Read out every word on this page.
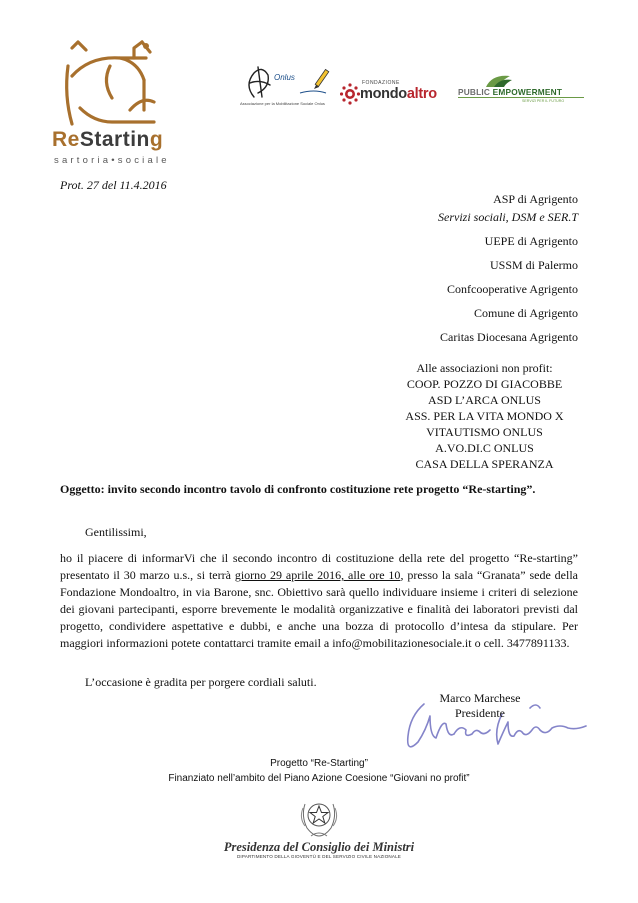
ReStarting
sartoria•sociale
Onlus
Associazione per la Mobilitazione Sociale Onlus
FONDAZIONE
mondoaltro	PUBLIC EMPOWERMENT
SERVIZI PER IL FUTURO
Prot. 27 del 11.4.2016
ASP di Agrigento
Servizi sociali, DSM e SER.T
UEPE di Agrigento
USSM di Palermo
Confcooperative Agrigento
Comune di Agrigento
Caritas Diocesana Agrigento
Alle associazioni non profit:
COOP. POZZO DI GIACOBBE
ASD L’ARCA ONLUS
ASS. PER LA VITA MONDO X
VITAUTISMO ONLUS
A.VO.DI.C ONLUS
CASA DELLA SPERANZA
Oggetto: invito secondo incontro tavolo di confronto costituzione rete progetto “Re-starting”.
Gentilissimi,
ho il piacere di informarVi che il secondo incontro di costituzione della rete del progetto “Re-starting” presentato il 30 marzo u.s., si terrà giorno 29 aprile 2016, alle ore 10, presso la sala “Granata” sede della Fondazione Mondoaltro, in via Barone, snc. Obiettivo sarà quello individuare insieme i criteri di selezione dei giovani partecipanti, esporre brevemente le modalità organizzative e finalità dei laboratori previsti dal progetto, condividere aspettative e dubbi, e anche una bozza di protocollo d’intesa da stipulare. Per maggiori informazioni potete contattarci tramite email a info@mobilitazionesociale.it o cell. 3477891133.
L’occasione è gradita per porgere cordiali saluti.
Marco Marchese
Presidente
Progetto “Re-Starting”
Finanziato nell’ambito del Piano Azione Coesione “Giovani no profit”
Presidenza del Consiglio dei Ministri
DIPARTIMENTO DELLA GIOVENTÙ E DEL SERVIZIO CIVILE NAZIONALE
